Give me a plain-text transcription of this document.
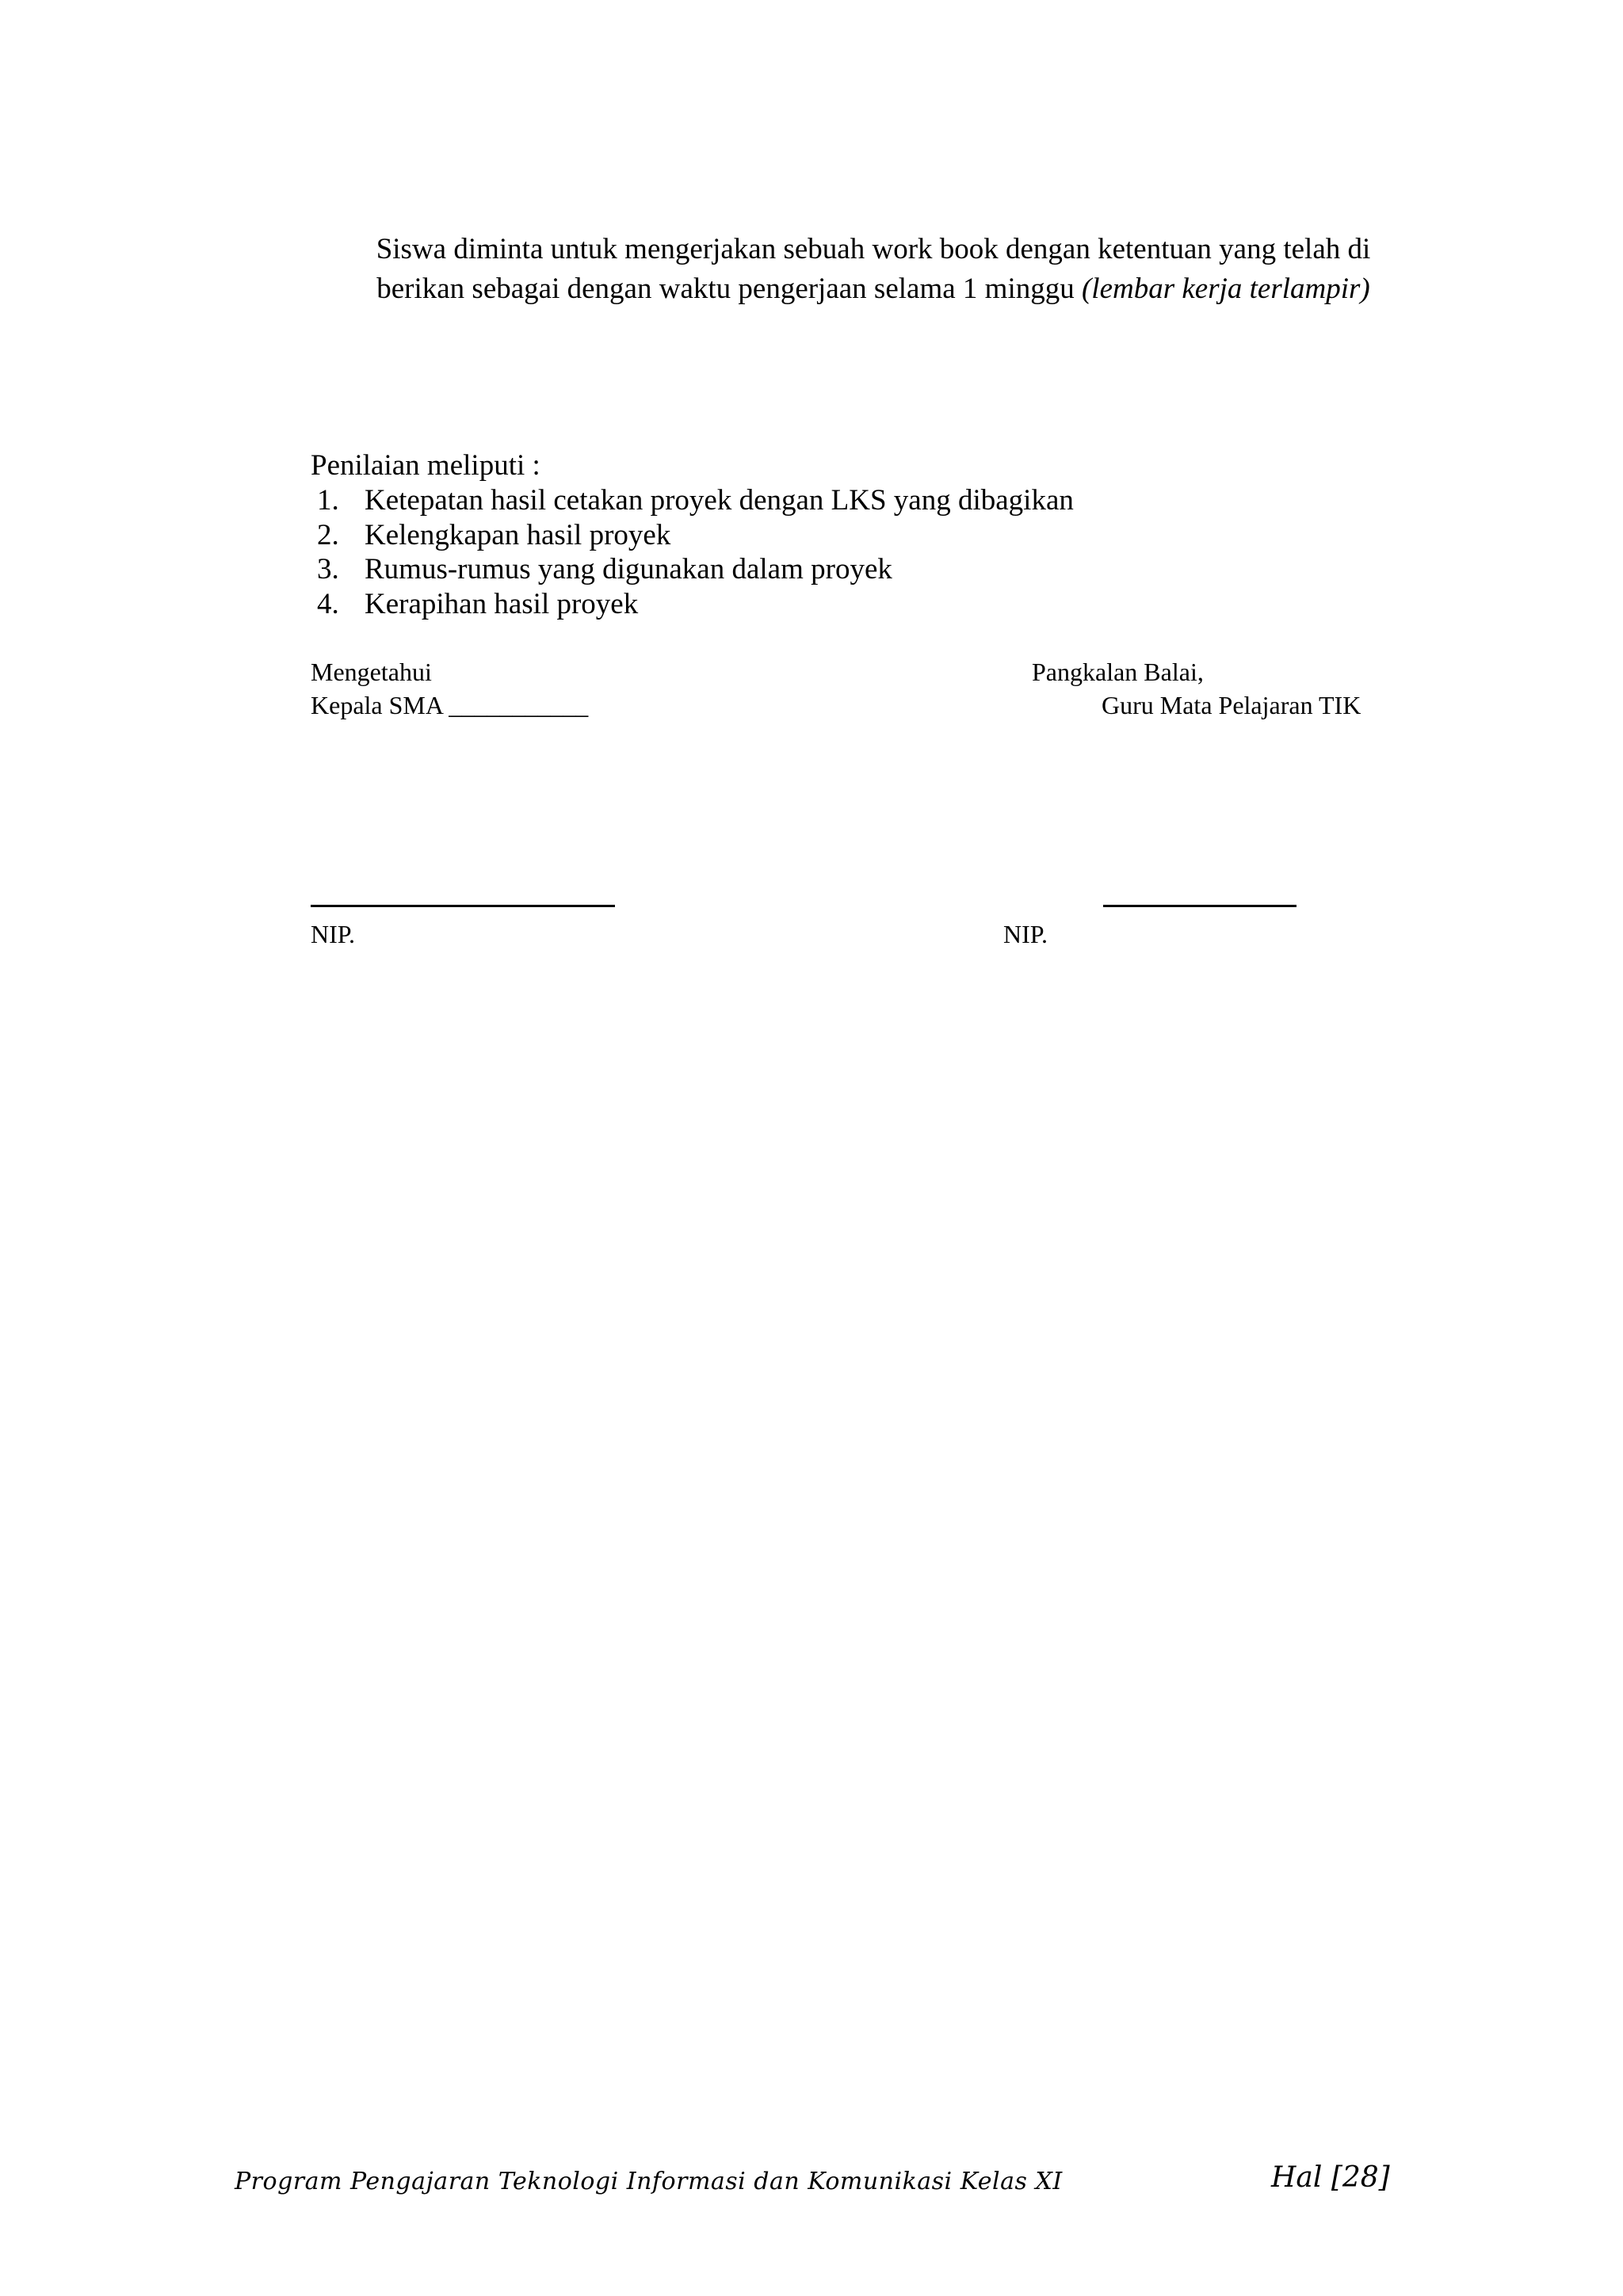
Siswa diminta untuk mengerjakan sebuah work book dengan ketentuan yang telah di
berikan sebagai dengan waktu pengerjaan selama 1 minggu (lembar kerja terlampir)
Penilaian meliputi :
1. Ketepatan hasil cetakan proyek dengan LKS yang dibagikan
2. Kelengkapan hasil proyek
3. Rumus-rumus yang digunakan dalam proyek
4. Kerapihan hasil proyek
Mengetahui
Kepala SMA ___________
NIP.
Pangkalan Balai,
Guru Mata Pelajaran TIK
NIP.
Program Pengajaran Teknologi Informasi dan Komunikasi Kelas XI	Hal [28]
